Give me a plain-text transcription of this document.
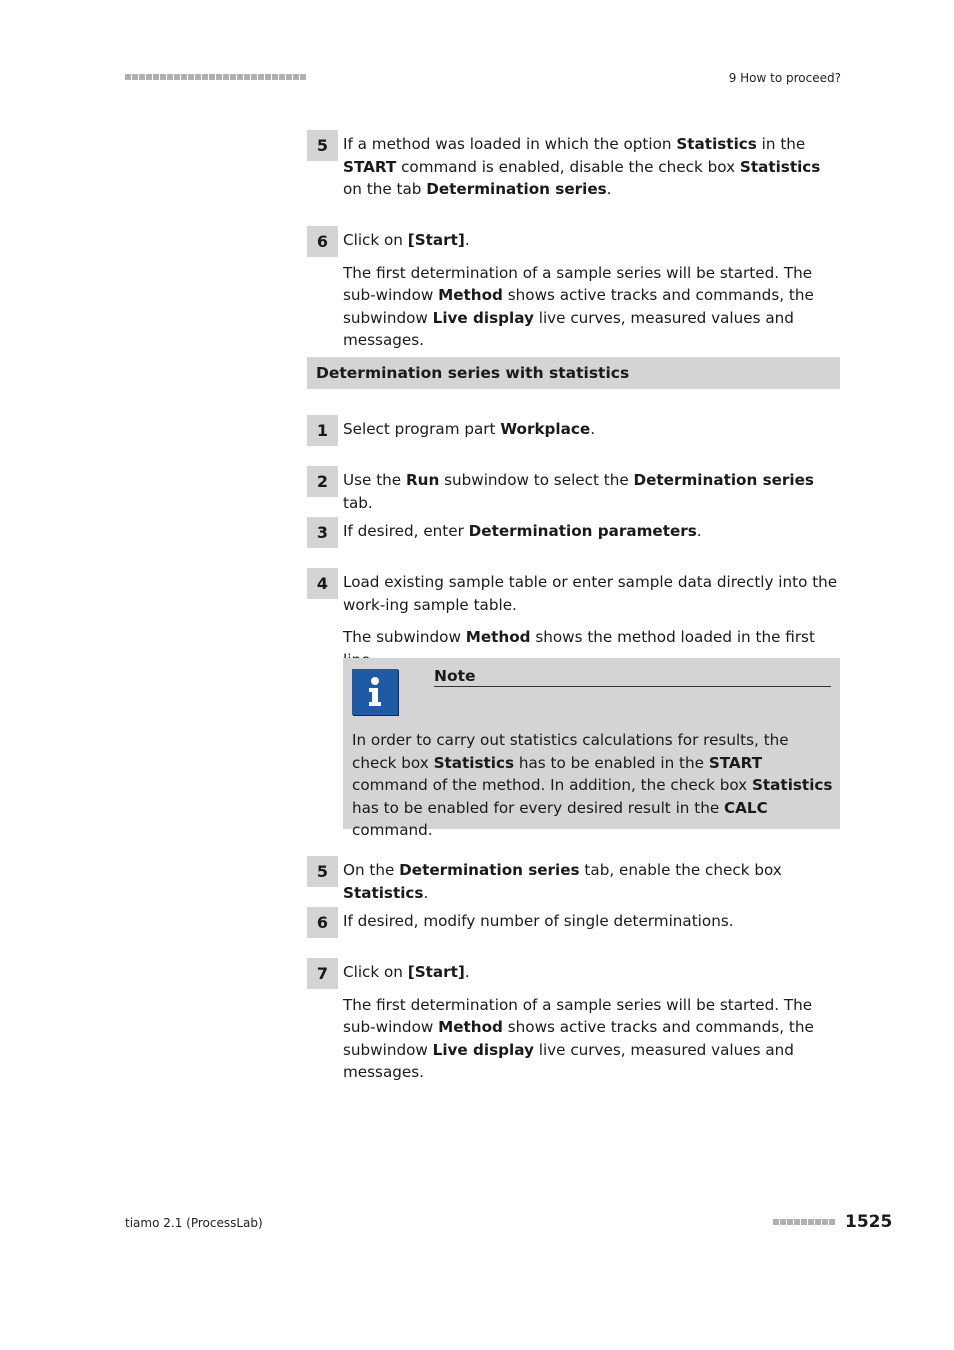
9 How to proceed?
5 If a method was loaded in which the option Statistics in the START command is enabled, disable the check box Statistics on the tab Determination series.

6 Click on [Start].

The first determination of a sample series will be started. The sub-window Method shows active tracks and commands, the subwindow Live display live curves, measured values and messages.

Determination series with statistics
1 Select program part Workplace.

2 Use the Run subwindow to select the Determination series tab.

3 If desired, enter Determination parameters.

4 Load existing sample table or enter sample data directly into the work-ing sample table.

The subwindow Method shows the method loaded in the first

Note
In order to carry out statistics calculations for results, the check box Statistics has to be enabled in the START command of the method. In addition, the check box Statistics has to be enabled for every desired result in the CALC command.
5 On the Determination series tab, enable the check box Statistics.

6 If desired, modify number of single determinations.

7 Click on [Start].

The first determination of a sample series will be started. The sub-window Method shows active tracks and commands, the subwindow Live display live curves, measured values and messages.

tiamo 2.1 (ProcessLab)	1525
